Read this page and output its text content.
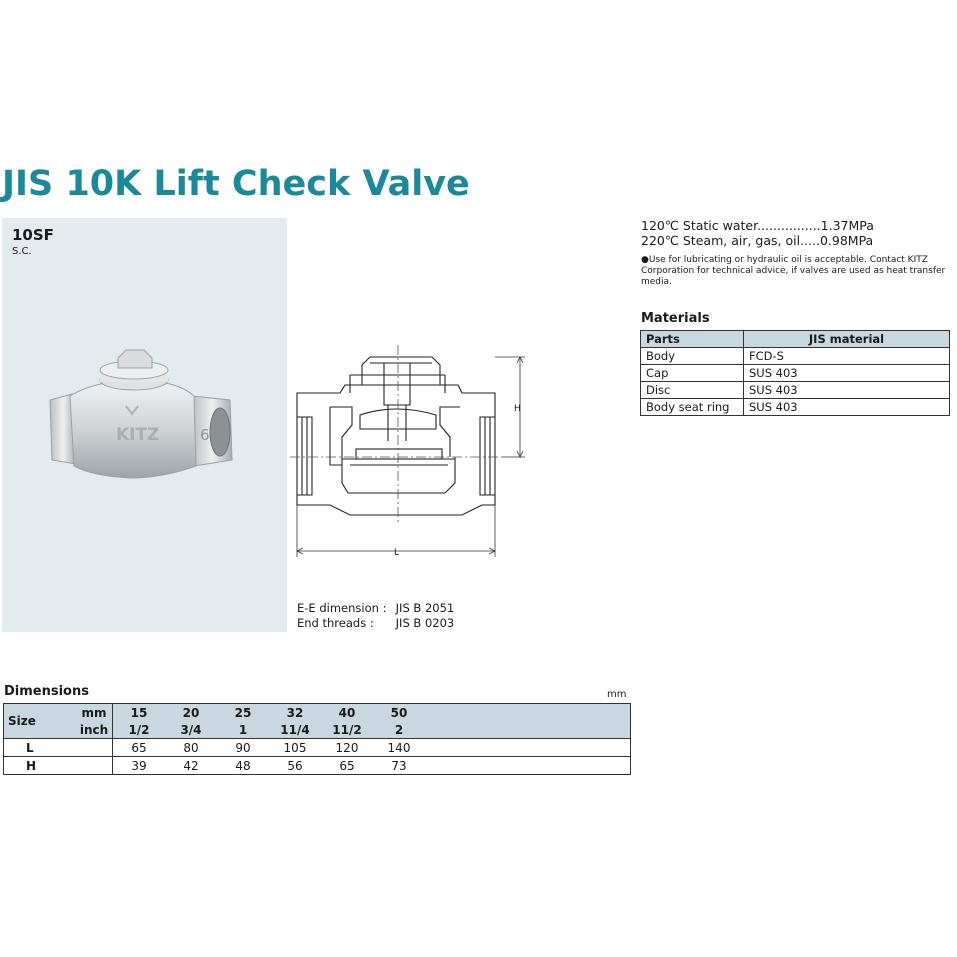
JIS 10K Lift Check Valve
10SF
S.C.
KITZ	6
H
L
E-E dimension : JIS B 2051
End threads : JIS B 0203
120℃ Static water................1.37MPa
220℃ Steam, air, gas, oil.....0.98MPa
●Use for lubricating or hydraulic oil is acceptable. Contact KITZ Corporation for technical advice, if valves are used as heat transfer media.
Materials
Parts	JIS material
Body	FCD-S
Cap	SUS 403
Disc	SUS 403
Body seat ring	SUS 403
Dimensions	mm
Size	mm	15	20	25	32	40	50	
	inch	1/2	3/4	1	11/4	11/2	2	
L		65	80	90	105	120	140	
H		39	42	48	56	65	73	
